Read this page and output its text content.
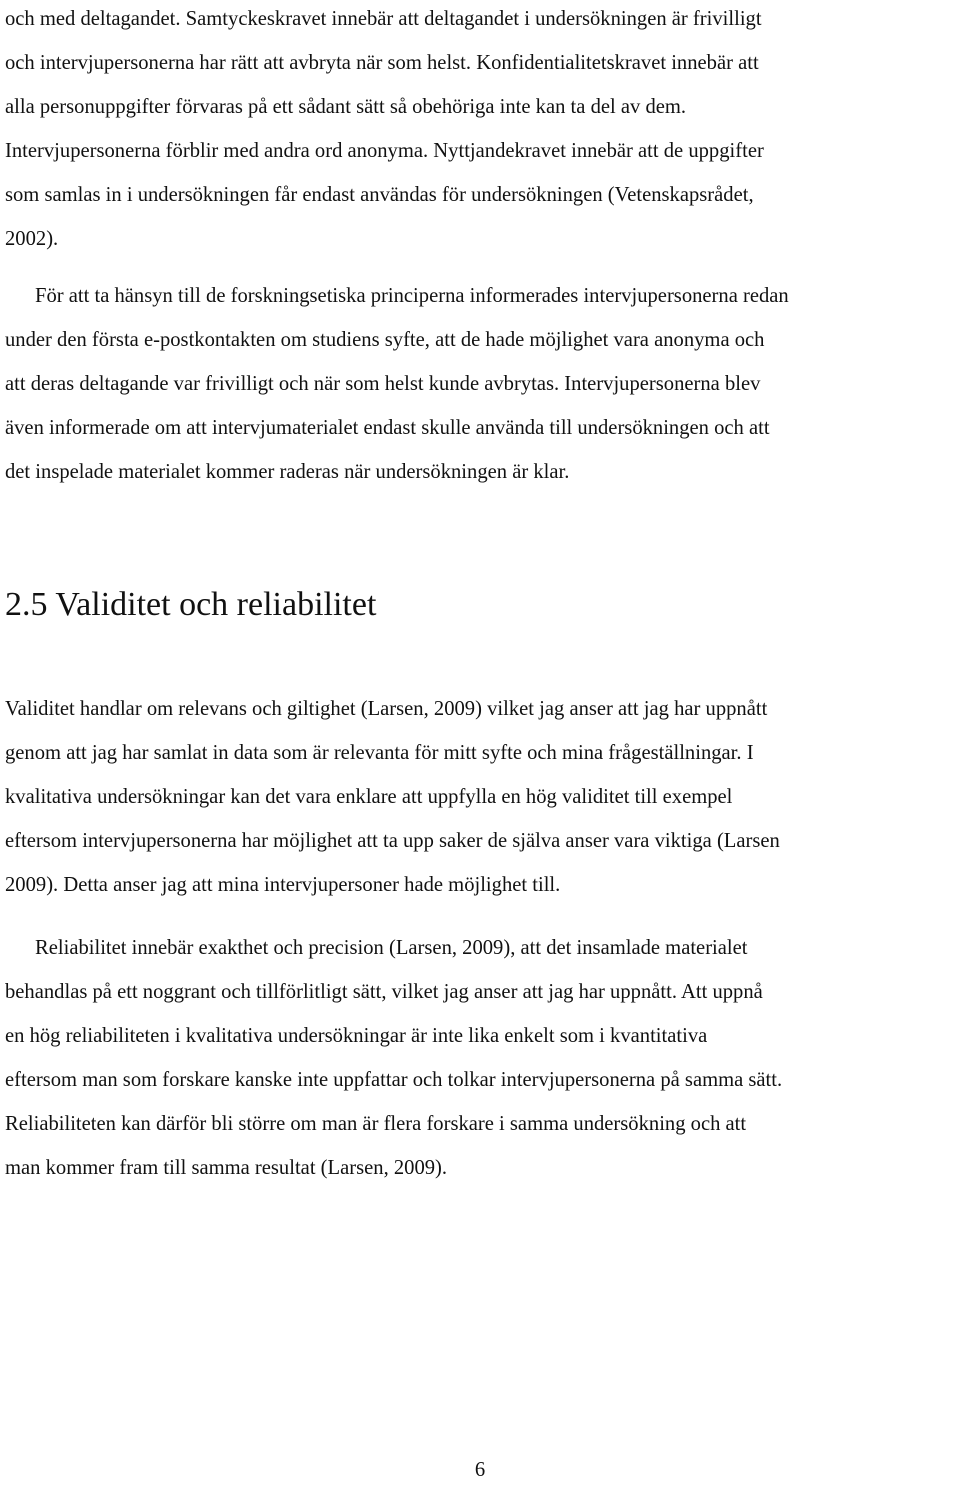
och med deltagandet. Samtyckeskravet innebär att deltagandet i undersökningen är frivilligt
och intervjupersonerna har rätt att avbryta när som helst. Konfidentialitetskravet innebär att
alla personuppgifter förvaras på ett sådant sätt så obehöriga inte kan ta del av dem.
Intervjupersonerna förblir med andra ord anonyma. Nyttjandekravet innebär att de uppgifter
som samlas in i undersökningen får endast användas för undersökningen (Vetenskapsrådet,
2002).

För att ta hänsyn till de forskningsetiska principerna informerades intervjupersonerna redan
under den första e-postkontakten om studiens syfte, att de hade möjlighet vara anonyma och
att deras deltagande var frivilligt och när som helst kunde avbrytas. Intervjupersonerna blev
även informerade om att intervjumaterialet endast skulle använda till undersökningen och att
det inspelade materialet kommer raderas när undersökningen är klar.

2.5 Validitet och reliabilitet

Validitet handlar om relevans och giltighet (Larsen, 2009) vilket jag anser att jag har uppnått
genom att jag har samlat in data som är relevanta för mitt syfte och mina frågeställningar. I
kvalitativa undersökningar kan det vara enklare att uppfylla en hög validitet till exempel
eftersom intervjupersonerna har möjlighet att ta upp saker de själva anser vara viktiga (Larsen
2009). Detta anser jag att mina intervjupersoner hade möjlighet till.

Reliabilitet innebär exakthet och precision (Larsen, 2009), att det insamlade materialet
behandlas på ett noggrant och tillförlitligt sätt, vilket jag anser att jag har uppnått. Att uppnå
en hög reliabiliteten i kvalitativa undersökningar är inte lika enkelt som i kvantitativa
eftersom man som forskare kanske inte uppfattar och tolkar intervjupersonerna på samma sätt.
Reliabiliteten kan därför bli större om man är flera forskare i samma undersökning och att
man kommer fram till samma resultat (Larsen, 2009).

6
